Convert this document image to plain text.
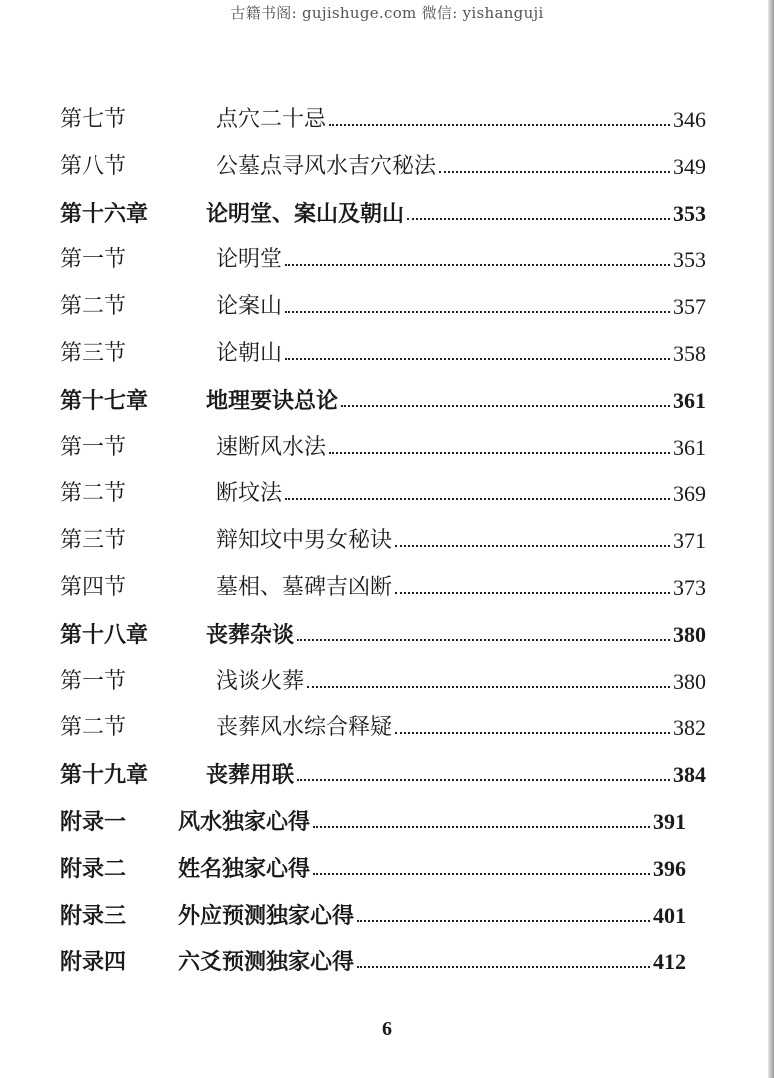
古籍书阁: gujishuge.com 微信: yishanguji
第七节	点穴二十忌	346
第八节	公墓点寻风水吉穴秘法	349
第十六章	论明堂、案山及朝山	353
第一节	论明堂	353
第二节	论案山	357
第三节	论朝山	358
第十七章	地理要诀总论	361
第一节	速断风水法	361
第二节	断坟法	369
第三节	辩知坟中男女秘诀	371
第四节	墓相、墓碑吉凶断	373
第十八章	丧葬杂谈	380
第一节	浅谈火葬	380
第二节	丧葬风水综合释疑	382
第十九章	丧葬用联	384
附录一	风水独家心得	391
附录二	姓名独家心得	396
附录三	外应预测独家心得	401
附录四	六爻预测独家心得	412
6
